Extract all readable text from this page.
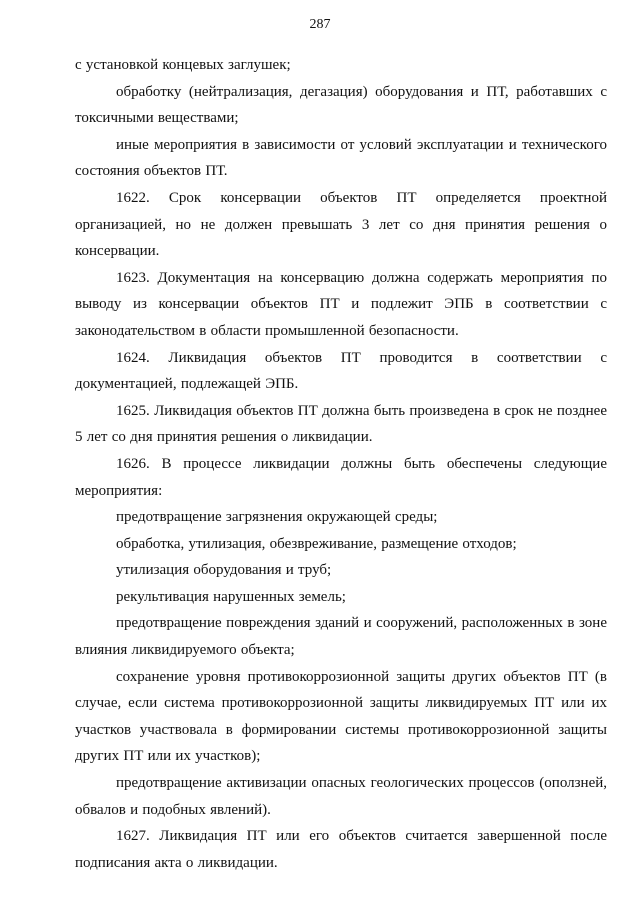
287

с установкой концевых заглушек;

обработку (нейтрализация, дегазация) оборудования и ПТ, работавших с токсичными веществами;

иные мероприятия в зависимости от условий эксплуатации и технического состояния объектов ПТ.

1622. Срок консервации объектов ПТ определяется проектной организацией, но не должен превышать 3 лет со дня принятия решения о консервации.

1623. Документация на консервацию должна содержать мероприятия по выводу из консервации объектов ПТ и подлежит ЭПБ в соответствии с законодательством в области промышленной безопасности.

1624. Ликвидация объектов ПТ проводится в соответствии с документацией, подлежащей ЭПБ.

1625. Ликвидация объектов ПТ должна быть произведена в срок не позднее 5 лет со дня принятия решения о ликвидации.

1626. В процессе ликвидации должны быть обеспечены следующие мероприятия:

предотвращение загрязнения окружающей среды;

обработка, утилизация, обезвреживание, размещение отходов;

утилизация оборудования и труб;

рекультивация нарушенных земель;

предотвращение повреждения зданий и сооружений, расположенных в зоне влияния ликвидируемого объекта;

сохранение уровня противокоррозионной защиты других объектов ПТ (в случае, если система противокоррозионной защиты ликвидируемых ПТ или их участков участвовала в формировании системы противокоррозионной защиты других ПТ или их участков);

предотвращение активизации опасных геологических процессов (оползней, обвалов и подобных явлений).

1627. Ликвидация ПТ или его объектов считается завершенной после подписания акта о ликвидации.
